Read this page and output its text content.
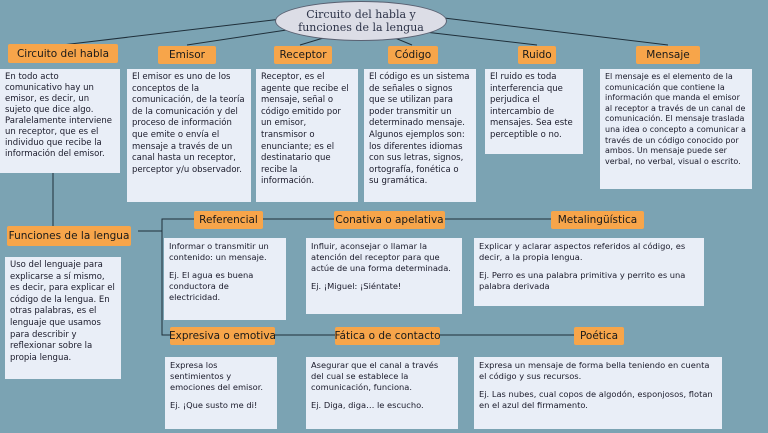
Circuito del habla y
funciones de la lengua
Circuito del habla	Emisor	Receptor	Código	Ruido	Mensaje

En todo acto comunicativo hay un emisor, es decir, un sujeto que dice algo. Paralelamente interviene un receptor, que es el individuo que recibe la información del emisor.

El emisor es uno de los conceptos de la comunicación, de la teoría de la comunicación y del proceso de información que emite o envía el mensaje a través de un canal hasta un receptor, perceptor y/u observador.

Receptor, es el agente que recibe el mensaje, señal o código emitido por un emisor, transmisor o enunciante; es el destinatario que recibe la información.

El código es un sistema de señales o signos que se utilizan para poder transmitir un determinado mensaje. Algunos ejemplos son: los diferentes idiomas con sus letras, signos, ortografía, fonética o su gramática.

El ruido es toda interferencia que perjudica el intercambio de mensajes. Sea este perceptible o no.

El mensaje es el elemento de la comunicación que contiene la información que manda el emisor al receptor a través de un canal de comunicación. El mensaje traslada una idea o concepto a comunicar a través de un código conocido por ambos. Un mensaje puede ser verbal, no verbal, visual o escrito.

Funciones de la lengua

Uso del lenguaje para explicarse a sí mismo, es decir, para explicar el código de la lengua. En otras palabras, es el lenguaje que usamos para describir y reflexionar sobre la propia lengua.

Referencial	Conativa o apelativa	Metalingüística
Expresiva o emotiva	Fática o de contacto	Poética

Informar o transmitir un contenido: un mensaje.

Ej. El agua es buena conductora de electricidad.

Influir, aconsejar o llamar la atención del receptor para que actúe de una forma determinada.

Ej. ¡Miguel: ¡Siéntate!

Explicar y aclarar aspectos referidos al código, es decir, a la propia lengua.

Ej. Perro es una palabra primitiva y perrito es una palabra derivada

Expresa los sentimientos y emociones del emisor.

Ej. ¡Que susto me di!

Asegurar que el canal a través del cual se establece la comunicación, funciona.

Ej. Diga, diga… le escucho.

Expresa un mensaje de forma bella teniendo en cuenta el código y sus recursos.

Ej. Las nubes, cual copos de algodón, esponjosos, flotan en el azul del firmamento.
